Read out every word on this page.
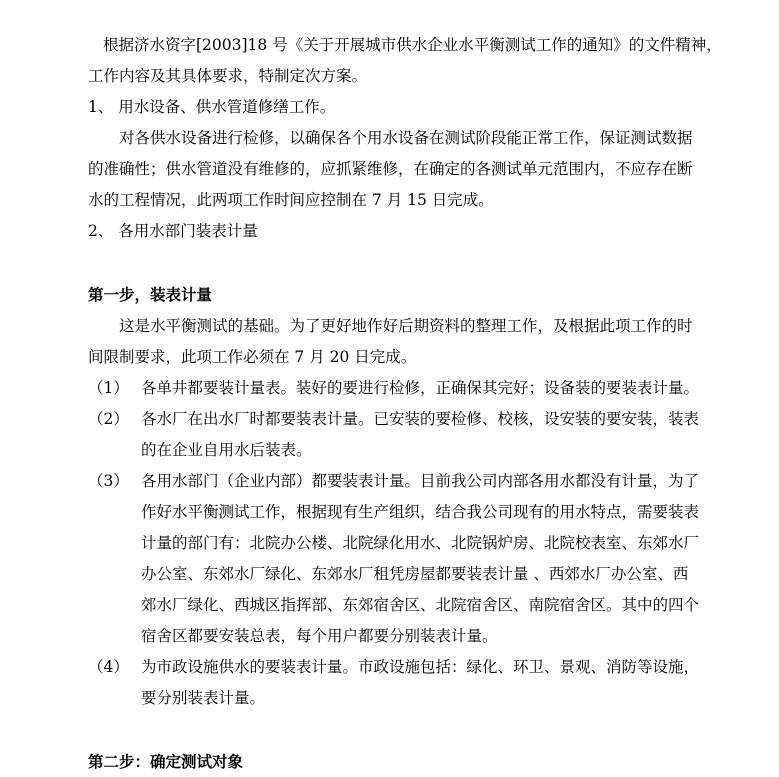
根据济水资字[2003]18 号《关于开展城市供水企业水平衡测试工作的通知》的文件精神，
工作内容及其具体要求，特制定次方案。
1、 用水设备、供水管道修缮工作。
对各供水设备进行检修，以确保各个用水设备在测试阶段能正常工作，保证测试数据
的准确性；供水管道没有维修的，应抓紧维修，在确定的各测试单元范围内，不应存在断
水的工程情况，此两项工作时间应控制在 7 月 15 日完成。
2、 各用水部门装表计量
第一步，装表计量
这是水平衡测试的基础。为了更好地作好后期资料的整理工作，及根据此项工作的时
间限制要求，此项工作必须在 7 月 20 日完成。
（1） 各单井都要装计量表。装好的要进行检修，正确保其完好；设备装的要装表计量。
（2） 各水厂在出水厂时都要装表计量。已安装的要检修、校核，设安装的要安装，装表
的在企业自用水后装表。
（3） 各用水部门（企业内部）都要装表计量。目前我公司内部各用水都没有计量，为了
作好水平衡测试工作，根据现有生产组织，结合我公司现有的用水特点，需要装表
计量的部门有：北院办公楼、北院绿化用水、北院锅炉房、北院校表室、东郊水厂
办公室、东郊水厂绿化、东郊水厂租凭房屋都要装表计量 、西郊水厂办公室、西
郊水厂绿化、西城区指挥部、东郊宿舍区、北院宿舍区、南院宿舍区。其中的四个
宿舍区都要安装总表，每个用户都要分别装表计量。
（4） 为市政设施供水的要装表计量。市政设施包括：绿化、环卫、景观、消防等设施，
要分别装表计量。
第二步：确定测试对象
